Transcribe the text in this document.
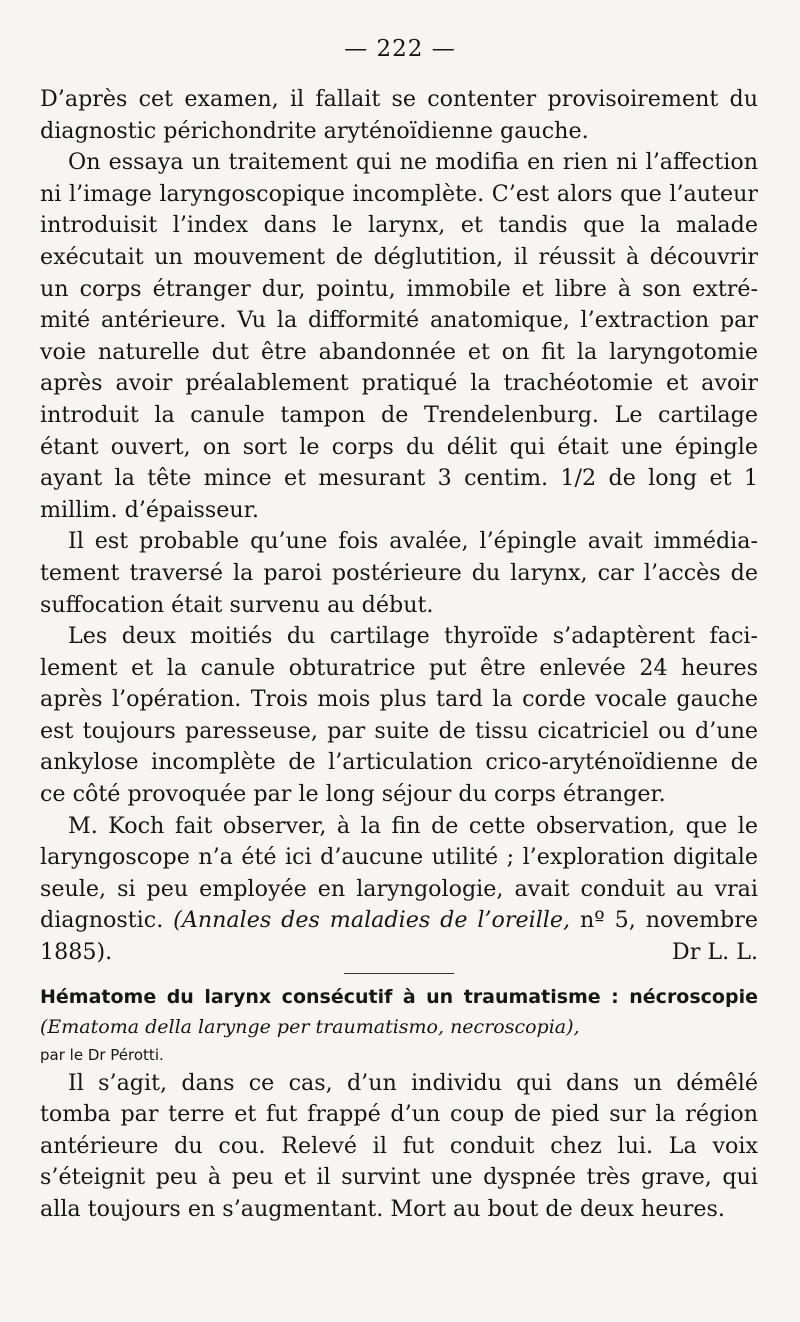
— 222 —

D’après cet examen, il fallait se contenter provisoirement du diagnostic périchondrite aryténoïdienne gauche.

On essaya un traitement qui ne modifia en rien ni l’affection ni l’image laryngoscopique incomplète. C’est alors que l’auteur introduisit l’index dans le larynx, et tandis que la malade exécutait un mouvement de déglutition, il réussit à découvrir un corps étranger dur, pointu, immobile et libre à son extrémité antérieure. Vu la difformité anatomique, l’extraction par voie naturelle dut être abandonnée et on fit la laryngotomie après avoir préalablement pratiqué la trachéotomie et avoir introduit la canule tampon de Trendelenburg. Le cartilage étant ouvert, on sort le corps du délit qui était une épingle ayant la tête mince et mesurant 3 centim. 1/2 de long et 1 millim. d’épaisseur.

Il est probable qu’une fois avalée, l’épingle avait immédiatement traversé la paroi postérieure du larynx, car l’accès de suffocation était survenu au début.

Les deux moitiés du cartilage thyroïde s’adaptèrent facilement et la canule obturatrice put être enlevée 24 heures après l’opération. Trois mois plus tard la corde vocale gauche est toujours paresseuse, par suite de tissu cicatriciel ou d’une ankylose incomplète de l’articulation crico-aryténoïdienne de ce côté provoquée par le long séjour du corps étranger.

M. Koch fait observer, à la fin de cette observation, que le laryngoscope n’a été ici d’aucune utilité ; l’exploration digitale seule, si peu employée en laryngologie, avait conduit au vrai diagnostic. (Annales des maladies de l’oreille, nº 5, novembre 1885).	Dr L. L.

Hématome du larynx consécutif à un traumatisme : nécroscopie (Ematoma della larynge per traumatismo, necroscopia),

par le Dr Pérotti.

Il s’agit, dans ce cas, d’un individu qui dans un démêlé tomba par terre et fut frappé d’un coup de pied sur la région antérieure du cou. Relevé il fut conduit chez lui. La voix s’éteignit peu à peu et il survint une dyspnée très grave, qui alla toujours en s’augmentant. Mort au bout de deux heures.
